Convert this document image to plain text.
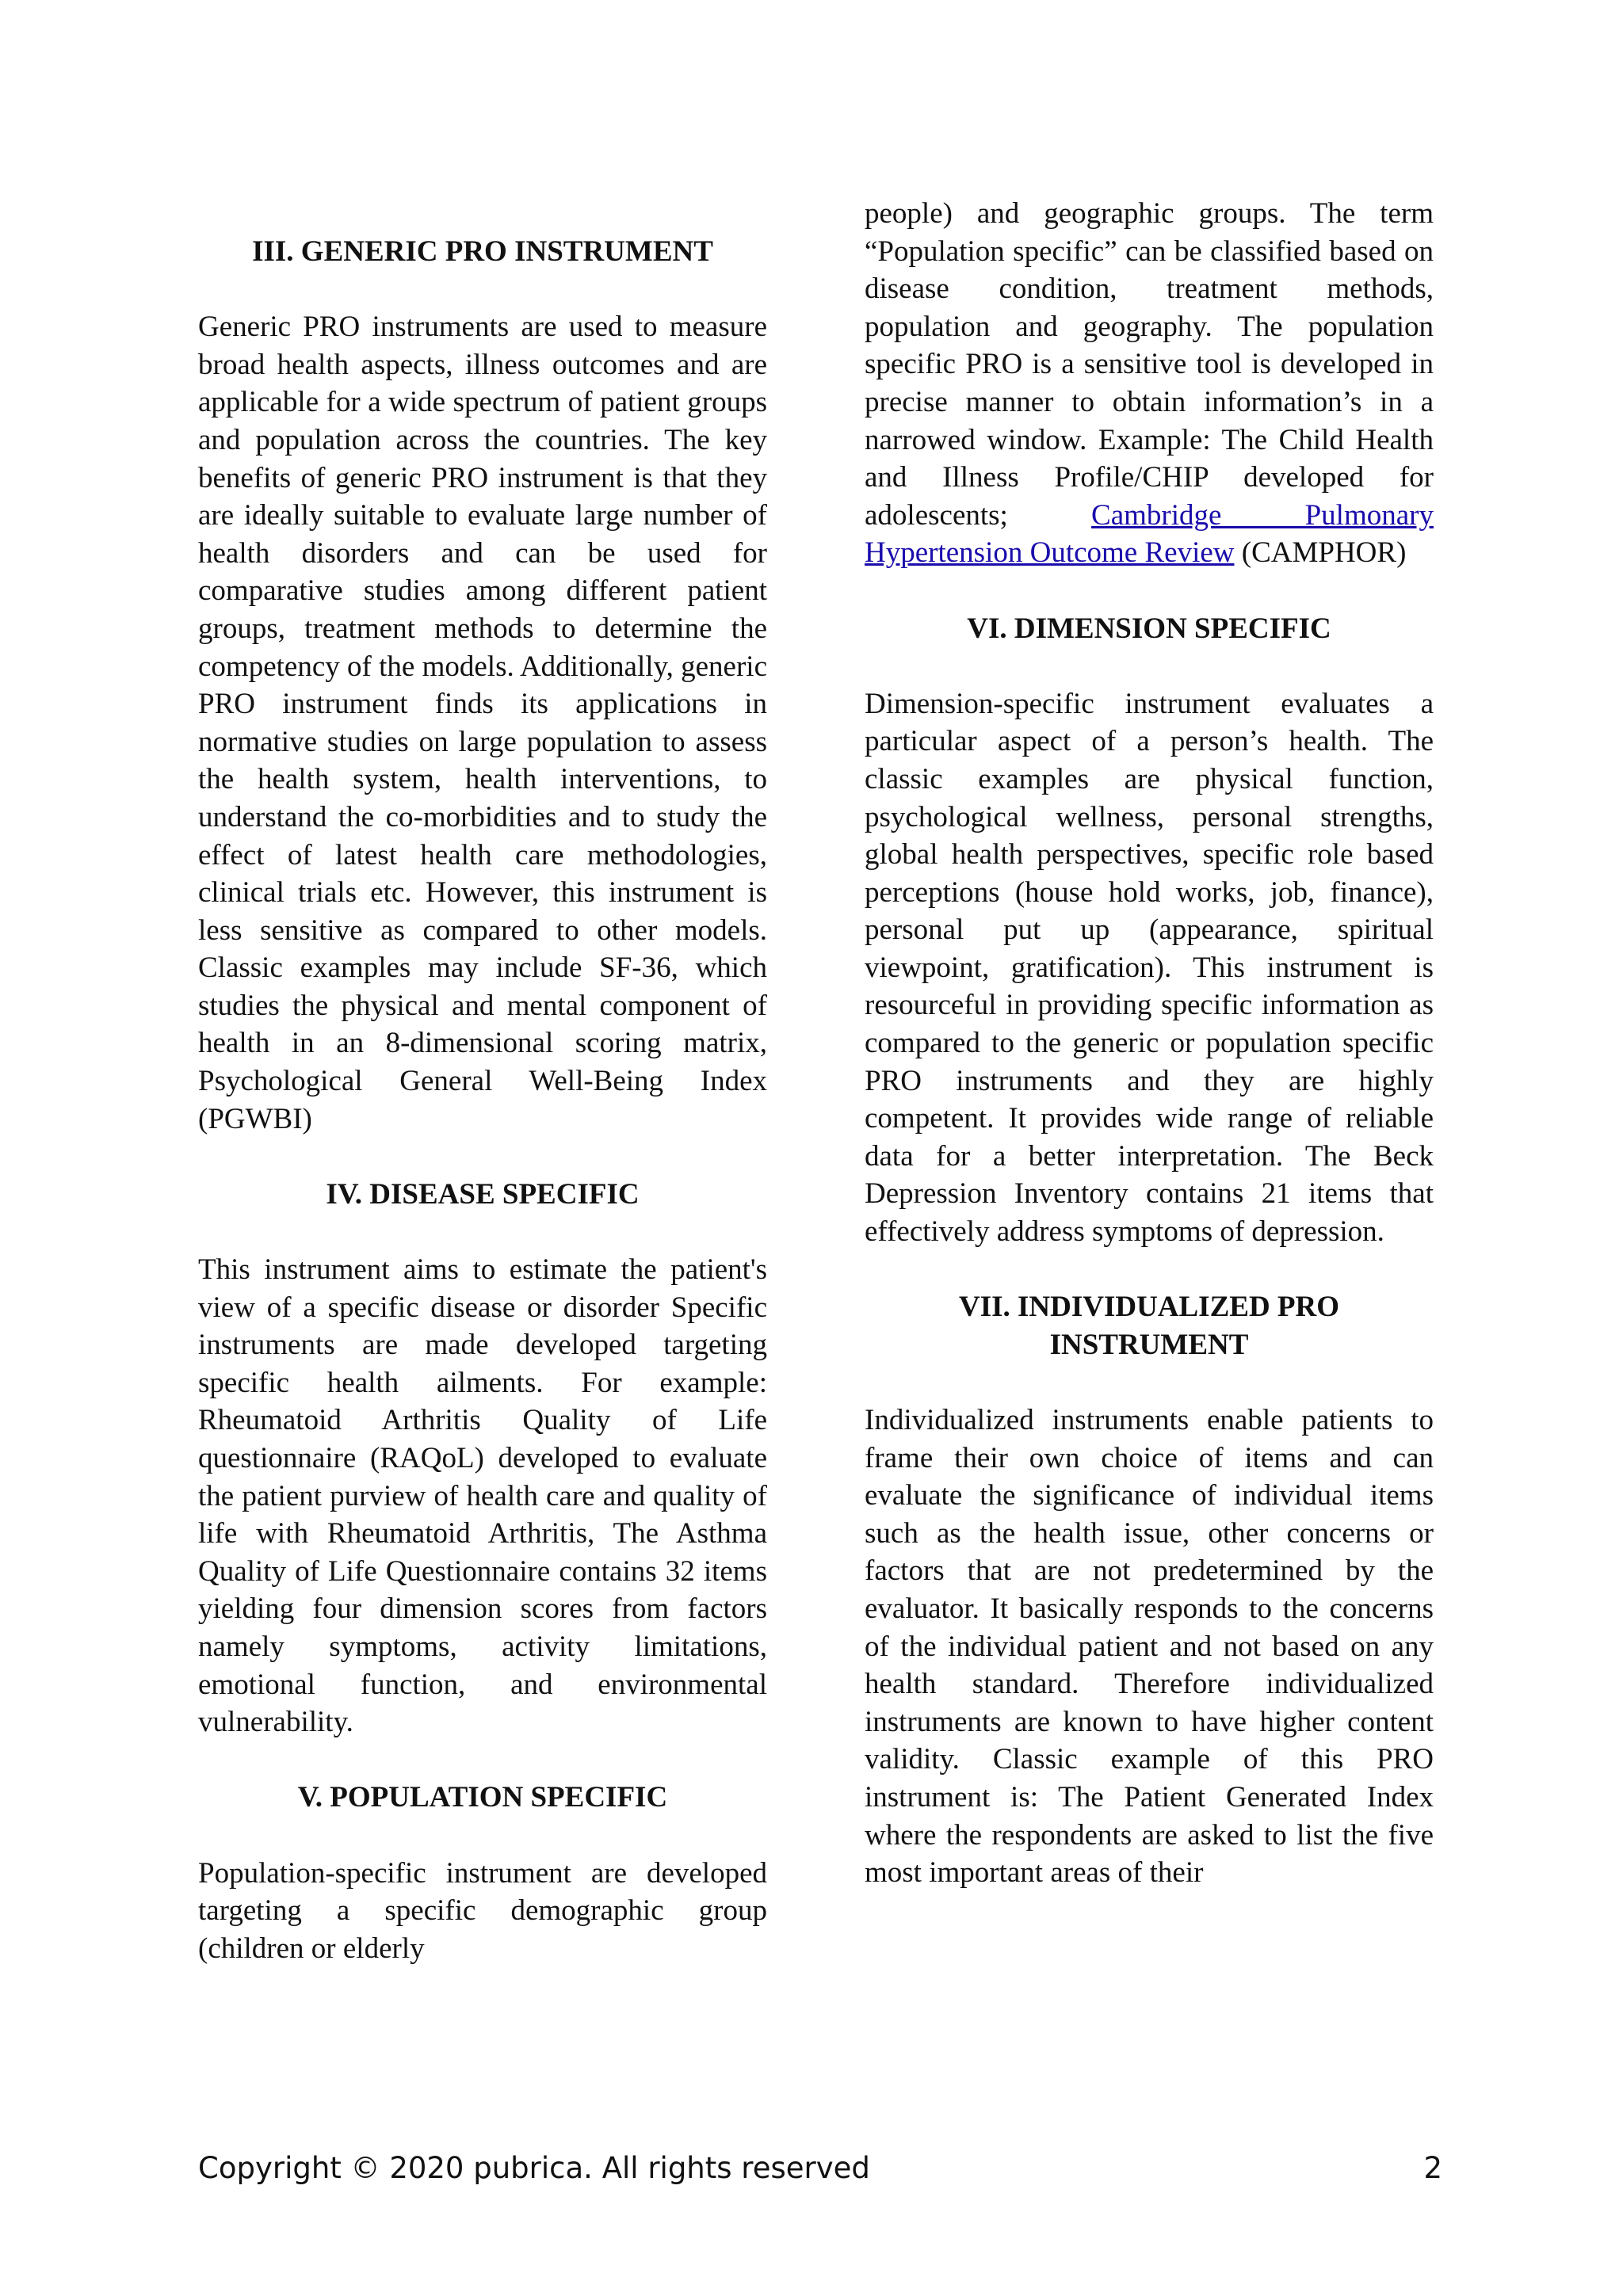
III. GENERIC PRO INSTRUMENT

Generic PRO instruments are used to measure broad health aspects, illness outcomes and are applicable for a wide spectrum of patient groups and population across the countries. The key benefits of generic PRO instrument is that they are ideally suitable to evaluate large number of health disorders and can be used for comparative studies among different patient groups, treatment methods to determine the competency of the models. Additionally, generic PRO instrument finds its applications in normative studies on large population to assess the health system, health interventions, to understand the co-morbidities and to study the effect of latest health care methodologies, clinical trials etc. However, this instrument is less sensitive as compared to other models. Classic examples may include SF-36, which studies the physical and mental component of health in an 8-dimensional scoring matrix, Psychological General Well-Being Index (PGWBI)

IV. DISEASE SPECIFIC

This instrument aims to estimate the patient's view of a specific disease or disorder Specific instruments are made developed targeting specific health ailments. For example: Rheumatoid Arthritis Quality of Life questionnaire (RAQoL) developed to evaluate the patient purview of health care and quality of life with Rheumatoid Arthritis, The Asthma Quality of Life Questionnaire contains 32 items yielding four dimension scores from factors namely symptoms, activity limitations, emotional function, and environmental vulnerability.

V. POPULATION SPECIFIC

Population-specific instrument are developed targeting a specific demographic group (children or elderly

people) and geographic groups. The term “Population specific” can be classified based on disease condition, treatment methods, population and geography. The population specific PRO is a sensitive tool is developed in precise manner to obtain information’s in a narrowed window. Example: The Child Health and Illness Profile/CHIP developed for adolescents; Cambridge Pulmonary Hypertension Outcome Review (CAMPHOR)

VI. DIMENSION SPECIFIC

Dimension-specific instrument evaluates a particular aspect of a person’s health. The classic examples are physical function, psychological wellness, personal strengths, global health perspectives, specific role based perceptions (house hold works, job, finance), personal put up (appearance, spiritual viewpoint, gratification). This instrument is resourceful in providing specific information as compared to the generic or population specific PRO instruments and they are highly competent. It provides wide range of reliable data for a better interpretation. The Beck Depression Inventory contains 21 items that effectively address symptoms of depression.

VII. INDIVIDUALIZED PRO INSTRUMENT

Individualized instruments enable patients to frame their own choice of items and can evaluate the significance of individual items such as the health issue, other concerns or factors that are not predetermined by the evaluator. It basically responds to the concerns of the individual patient and not based on any health standard. Therefore individualized instruments are known to have higher content validity. Classic example of this PRO instrument is: The Patient Generated Index where the respondents are asked to list the five most important areas of their

Copyright © 2020 pubrica. All rights reserved	2
